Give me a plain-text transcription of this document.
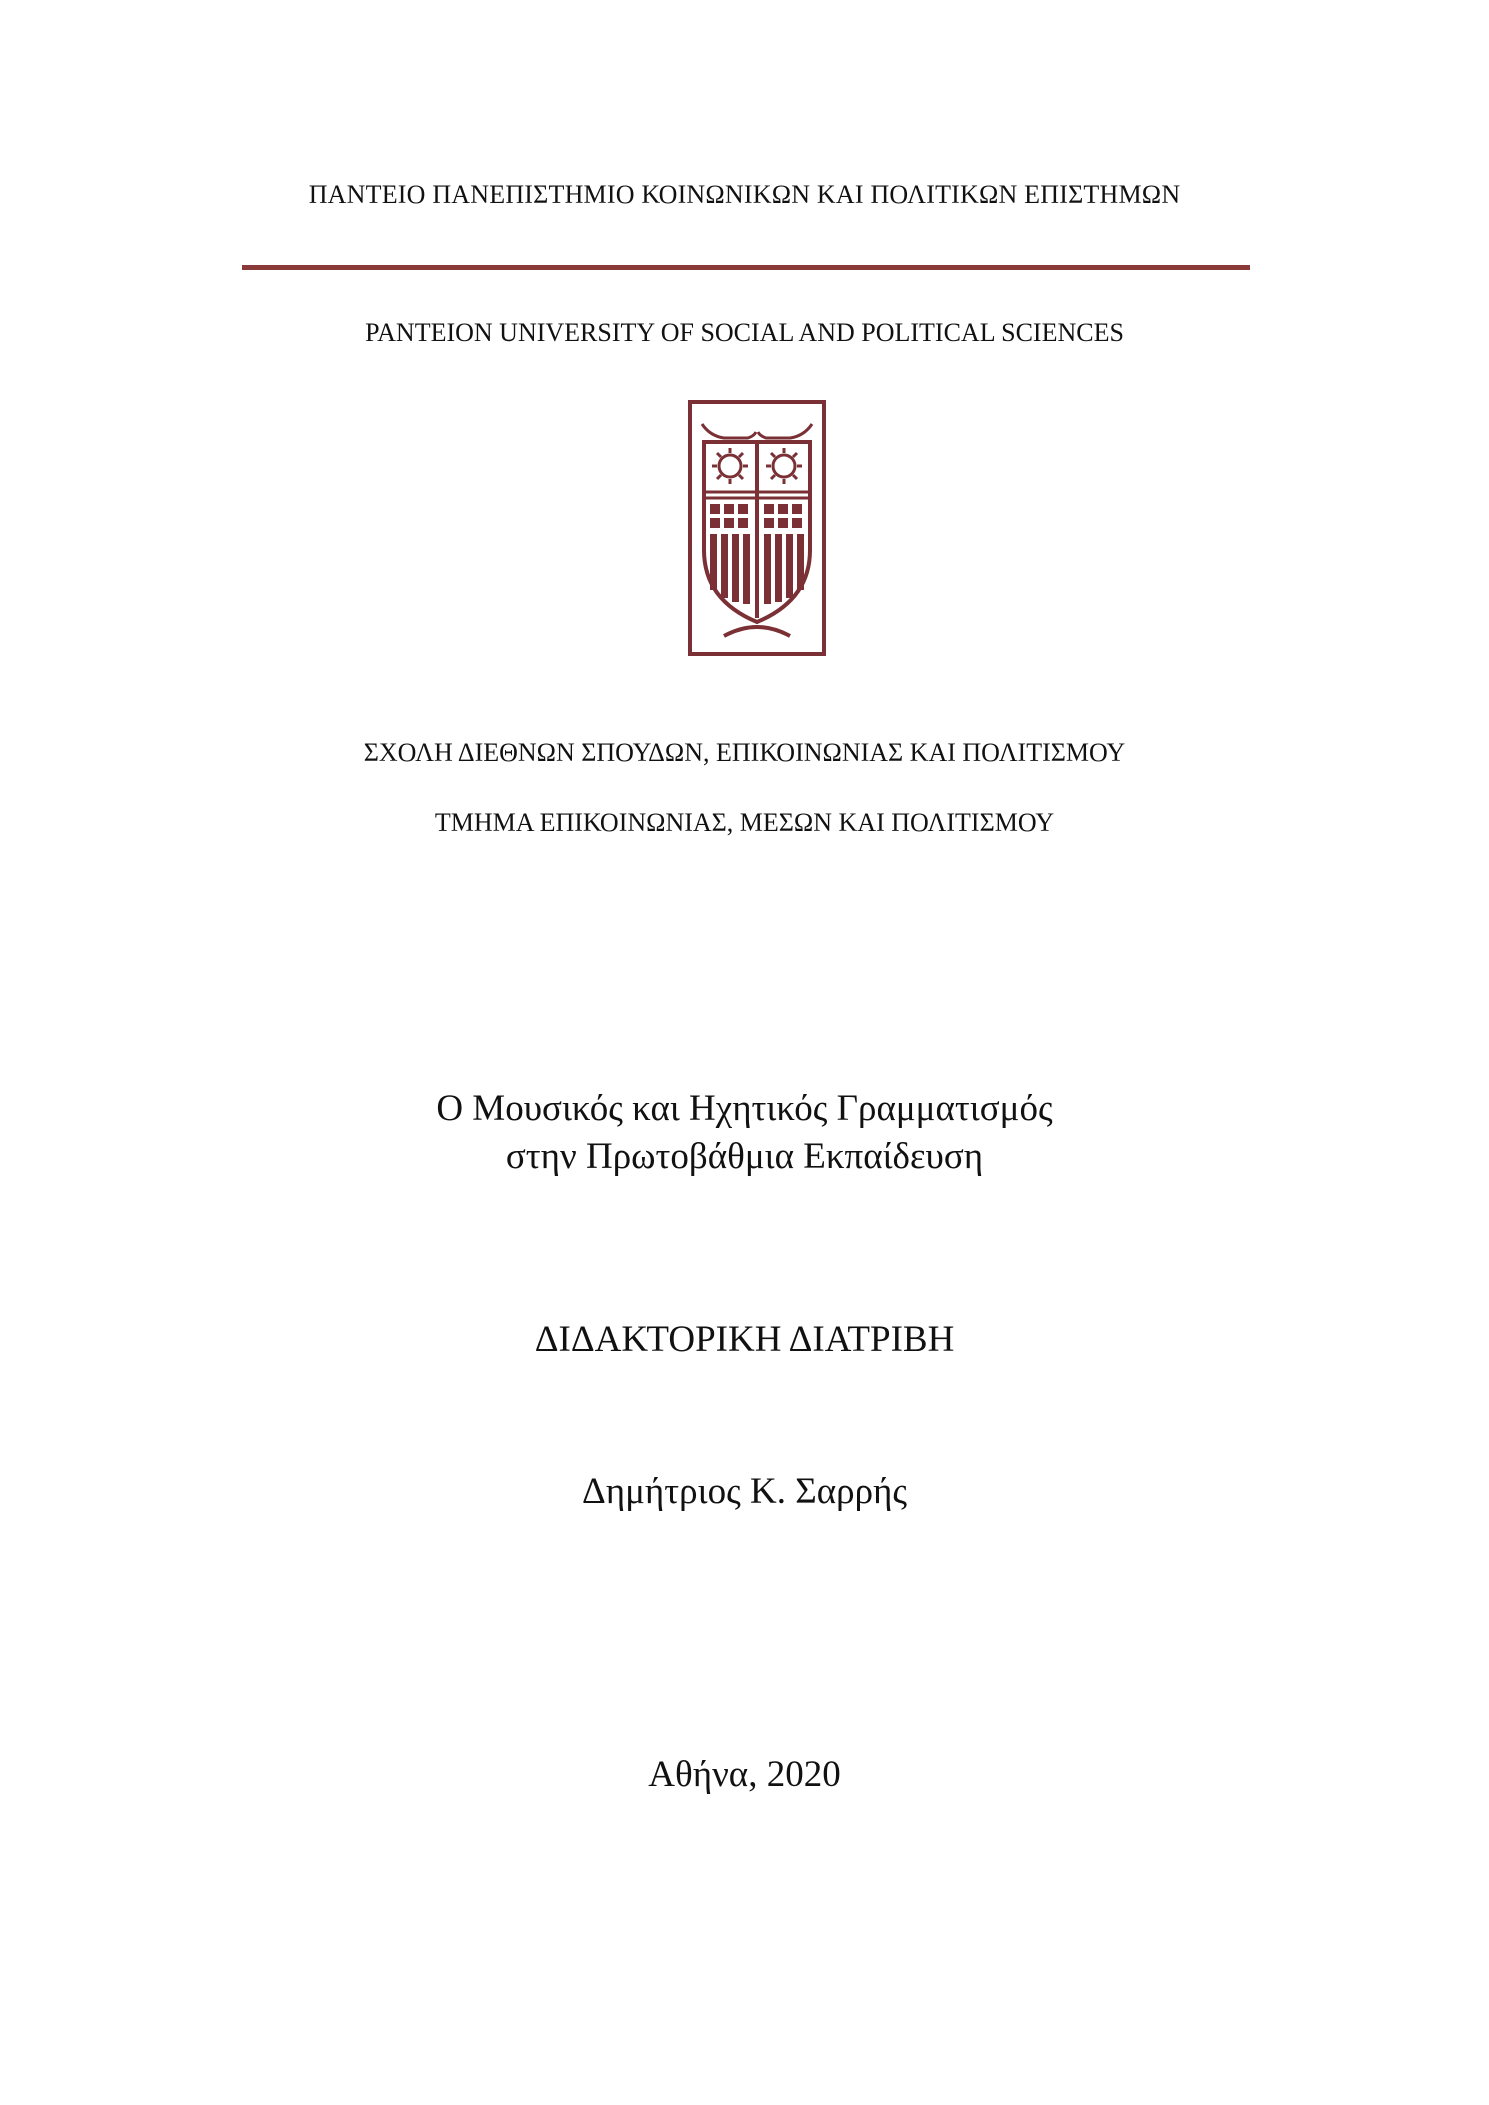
ΠΑΝΤΕΙΟ ΠΑΝΕΠΙΣΤΗΜΙΟ ΚΟΙΝΩΝΙΚΩΝ ΚΑΙ ΠΟΛΙΤΙΚΩΝ ΕΠΙΣΤΗΜΩΝ
PANTEION UNIVERSITY OF SOCIAL AND POLITICAL SCIENCES
ΣΧΟΛΗ ΔΙΕΘΝΩΝ ΣΠΟΥΔΩΝ, ΕΠΙΚΟΙΝΩΝΙΑΣ ΚΑΙ ΠΟΛΙΤΙΣΜΟΥ
ΤΜΗΜΑ ΕΠΙΚΟΙΝΩΝΙΑΣ, ΜΕΣΩΝ ΚΑΙ ΠΟΛΙΤΙΣΜΟΥ
Ο Μουσικός και Ηχητικός Γραμματισμός
στην Πρωτοβάθμια Εκπαίδευση
ΔΙΔΑΚΤΟΡΙΚΗ ΔΙΑΤΡΙΒΗ
Δημήτριος Κ. Σαρρής
Αθήνα, 2020
